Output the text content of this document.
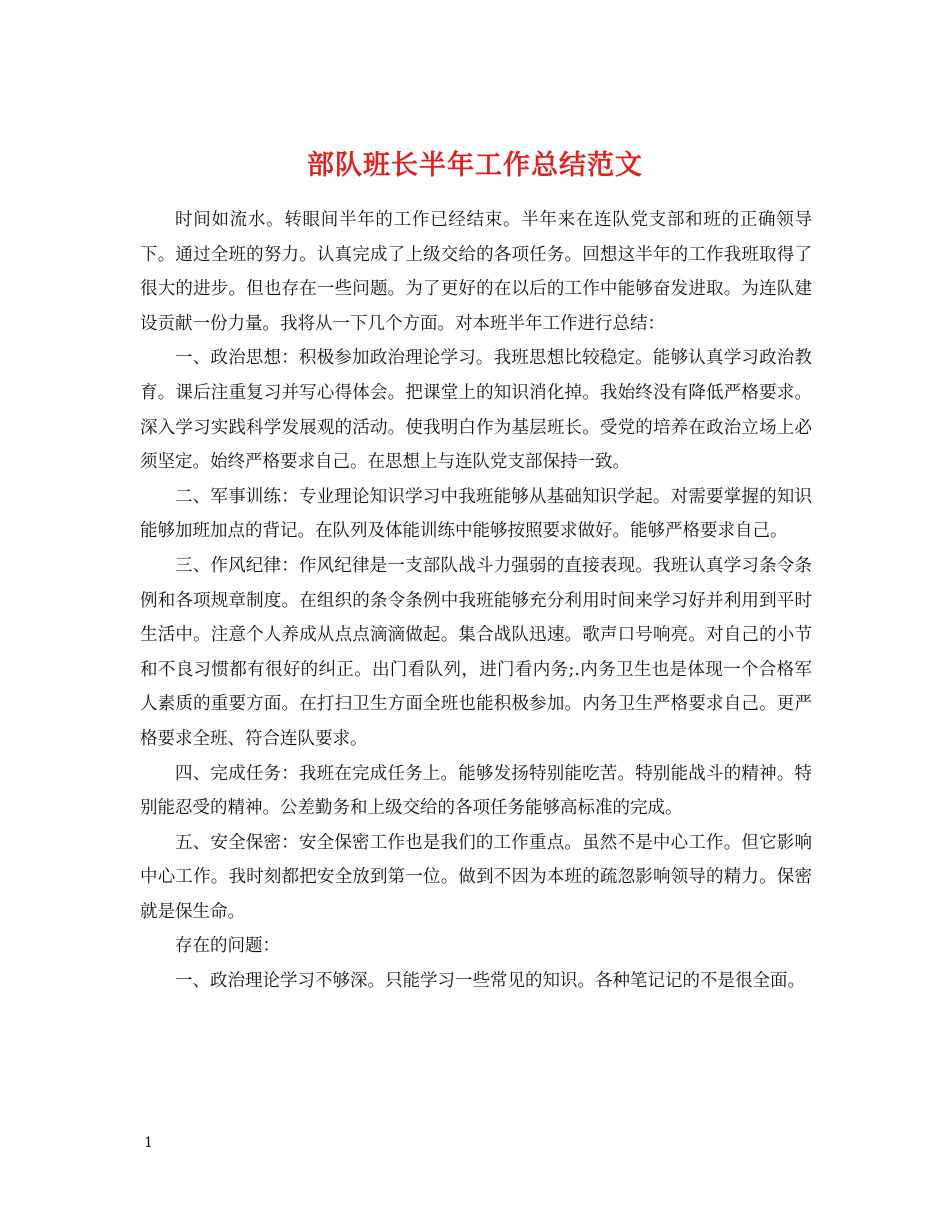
部队班长半年工作总结范文

时间如流水。转眼间半年的工作已经结束。半年来在连队党支部和班的正确领导下。通过全班的努力。认真完成了上级交给的各项任务。回想这半年的工作我班取得了很大的进步。但也存在一些问题。为了更好的在以后的工作中能够奋发进取。为连队建设贡献一份力量。我将从一下几个方面。对本班半年工作进行总结：

一、政治思想：积极参加政治理论学习。我班思想比较稳定。能够认真学习政治教育。课后注重复习并写心得体会。把课堂上的知识消化掉。我始终没有降低严格要求。深入学习实践科学发展观的活动。使我明白作为基层班长。受党的培养在政治立场上必须坚定。始终严格要求自己。在思想上与连队党支部保持一致。

二、军事训练：专业理论知识学习中我班能够从基础知识学起。对需要掌握的知识能够加班加点的背记。在队列及体能训练中能够按照要求做好。能够严格要求自己。

三、作风纪律：作风纪律是一支部队战斗力强弱的直接表现。我班认真学习条令条例和各项规章制度。在组织的条令条例中我班能够充分利用时间来学习好并利用到平时生活中。注意个人养成从点点滴滴做起。集合战队迅速。歌声口号响亮。对自己的小节和不良习惯都有很好的纠正。出门看队列，进门看内务;.内务卫生也是体现一个合格军人素质的重要方面。在打扫卫生方面全班也能积极参加。内务卫生严格要求自己。更严格要求全班、符合连队要求。

四、完成任务：我班在完成任务上。能够发扬特别能吃苦。特别能战斗的精神。特别能忍受的精神。公差勤务和上级交给的各项任务能够高标准的完成。

五、安全保密：安全保密工作也是我们的工作重点。虽然不是中心工作。但它影响中心工作。我时刻都把安全放到第一位。做到不因为本班的疏忽影响领导的精力。保密就是保生命。

存在的问题：

一、政治理论学习不够深。只能学习一些常见的知识。各种笔记记的不是很全面。

1
